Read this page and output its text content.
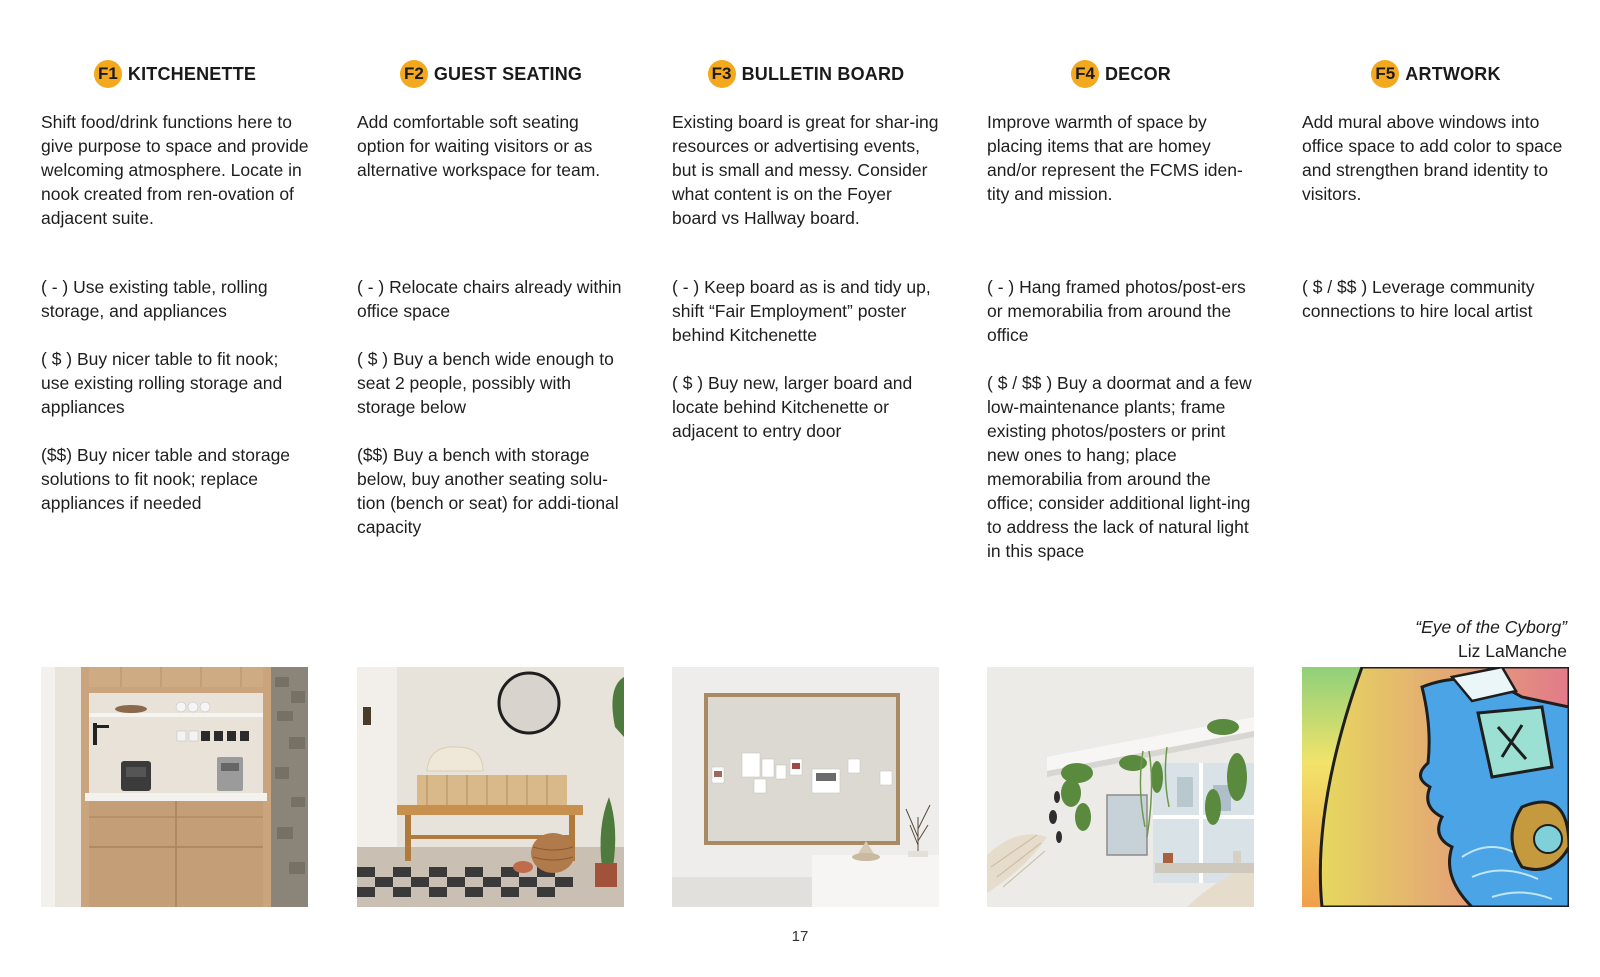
F1 KITCHENETTE

Shift food/drink functions here to give purpose to space and provide welcoming atmosphere. Locate in nook created from ren-ovation of adjacent suite.

( - ) Use existing table, rolling storage, and appliances

( $ ) Buy nicer table to fit nook; use existing rolling storage and appliances

($$) Buy nicer table and storage solutions to fit nook; replace appliances if needed

F2 GUEST SEATING

Add comfortable soft seating option for waiting visitors or as alternative workspace for team.

( - ) Relocate chairs already within office space

( $ ) Buy a bench wide enough to seat 2 people, possibly with storage below

($$) Buy a bench with storage below, buy another seating solu-tion (bench or seat) for addi-tional capacity

F3 BULLETIN BOARD

Existing board is great for shar-ing resources or advertising events, but is small and messy. Consider what content is on the Foyer board vs Hallway board.

( - ) Keep board as is and tidy up, shift “Fair Employment” poster behind Kitchenette

( $ ) Buy new, larger board and locate behind Kitchenette or adjacent to entry door

F4 DECOR

Improve warmth of space by placing items that are homey and/or represent the FCMS iden-tity and mission.

( - ) Hang framed photos/post-ers or memorabilia from around the office

( $ / $$ ) Buy a doormat and a few low-maintenance plants; frame existing photos/posters or print new ones to hang; place memorabilia from around the office; consider additional light-ing to address the lack of natural light in this space

F5 ARTWORK

Add mural above windows into office space to add color to space and strengthen brand identity to visitors.

( $ / $$ ) Leverage community connections to hire local artist

“Eye of the Cyborg”
Liz LaManche
17
